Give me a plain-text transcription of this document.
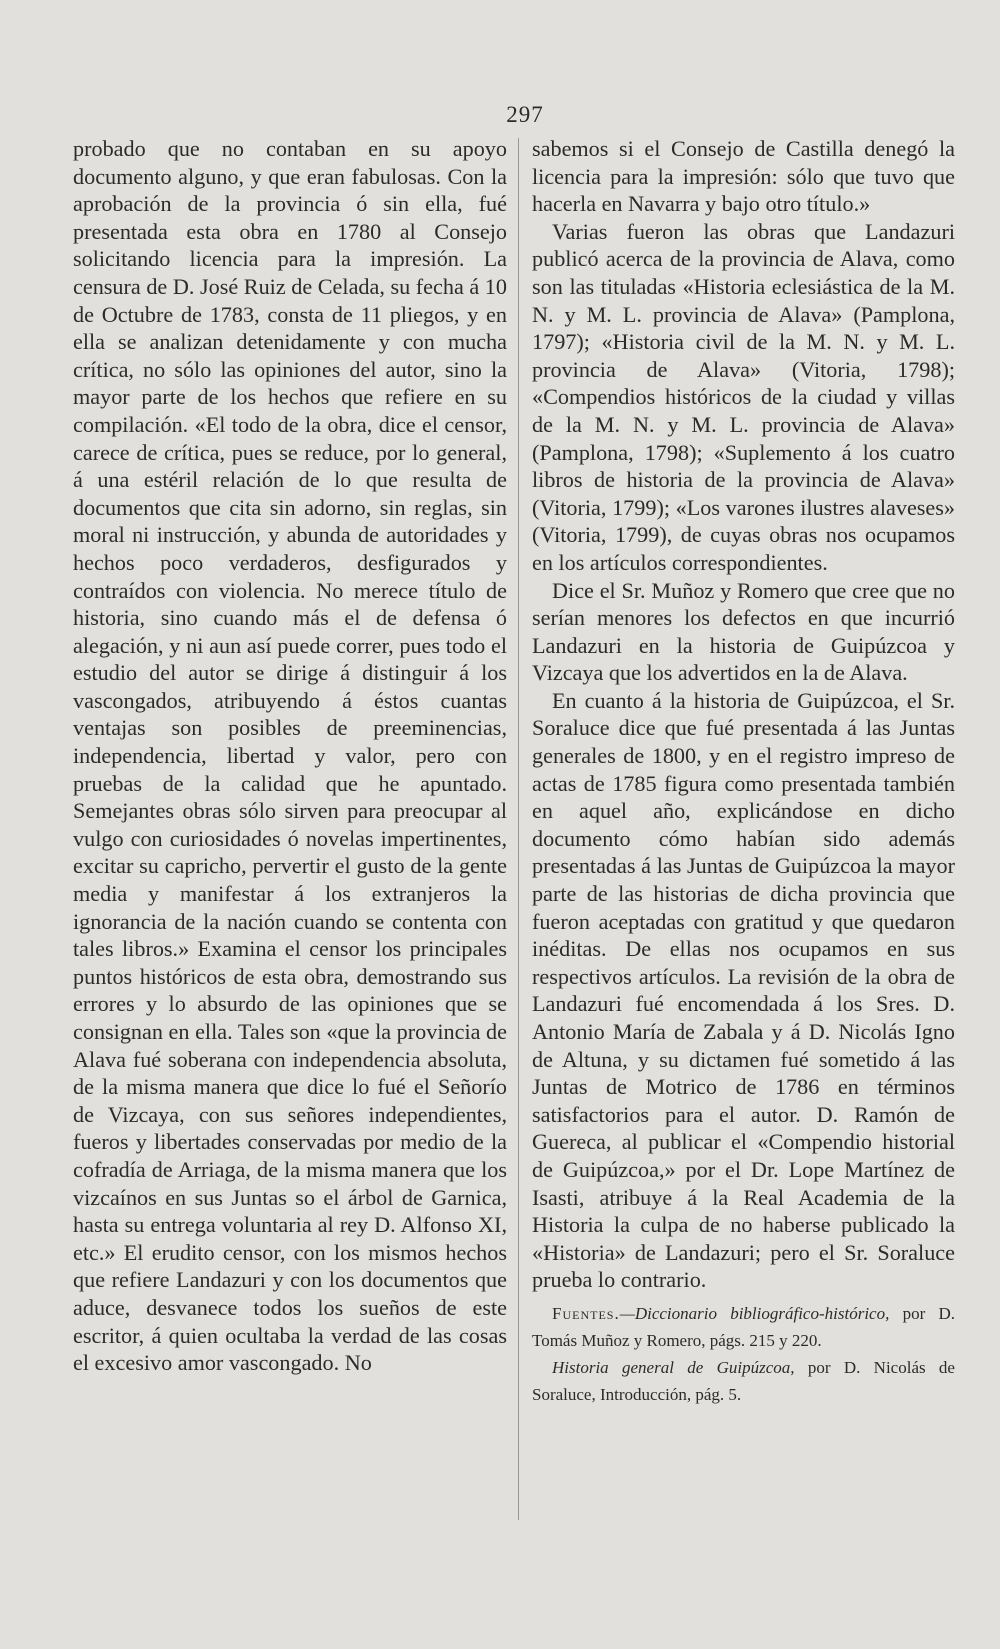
297

probado que no contaban en su apoyo documento alguno, y que eran fabulosas. Con la aprobación de la provincia ó sin ella, fué presentada esta obra en 1780 al Consejo solicitando licencia para la impresión. La censura de D. José Ruiz de Celada, su fecha á 10 de Octubre de 1783, consta de 11 pliegos, y en ella se analizan detenidamente y con mucha crítica, no sólo las opiniones del autor, sino la mayor parte de los hechos que refiere en su compilación. «El todo de la obra, dice el censor, carece de crítica, pues se reduce, por lo general, á una estéril relación de lo que resulta de documentos que cita sin adorno, sin reglas, sin moral ni instrucción, y abunda de autoridades y hechos poco verdaderos, desfigurados y contraídos con violencia. No merece título de historia, sino cuando más el de defensa ó alegación, y ni aun así puede correr, pues todo el estudio del autor se dirige á distinguir á los vascongados, atribuyendo á éstos cuantas ventajas son posibles de preeminencias, independencia, libertad y valor, pero con pruebas de la calidad que he apuntado. Semejantes obras sólo sirven para preocupar al vulgo con curiosidades ó novelas impertinentes, excitar su capricho, pervertir el gusto de la gente media y manifestar á los extranjeros la ignorancia de la nación cuando se contenta con tales libros.» Examina el censor los principales puntos históricos de esta obra, demostrando sus errores y lo absurdo de las opiniones que se consignan en ella. Tales son «que la provincia de Alava fué soberana con independencia absoluta, de la misma manera que dice lo fué el Señorío de Vizcaya, con sus señores independientes, fueros y libertades conservadas por medio de la cofradía de Arriaga, de la misma manera que los vizcaínos en sus Juntas so el árbol de Garnica, hasta su entrega voluntaria al rey D. Alfonso XI, etc.» El erudito censor, con los mismos hechos que refiere Landazuri y con los documentos que aduce, desvanece todos los sueños de este escritor, á quien ocultaba la verdad de las cosas el excesivo amor vascongado. No

sabemos si el Consejo de Castilla denegó la licencia para la impresión: sólo que tuvo que hacerla en Navarra y bajo otro título.»

Varias fueron las obras que Landazuri publicó acerca de la provincia de Alava, como son las tituladas «Historia eclesiástica de la M. N. y M. L. provincia de Alava» (Pamplona, 1797); «Historia civil de la M. N. y M. L. provincia de Alava» (Vitoria, 1798); «Compendios históricos de la ciudad y villas de la M. N. y M. L. provincia de Alava» (Pamplona, 1798); «Suplemento á los cuatro libros de historia de la provincia de Alava» (Vitoria, 1799); «Los varones ilustres alaveses» (Vitoria, 1799), de cuyas obras nos ocupamos en los artículos correspondientes.

Dice el Sr. Muñoz y Romero que cree que no serían menores los defectos en que incurrió Landazuri en la historia de Guipúzcoa y Vizcaya que los advertidos en la de Alava.

En cuanto á la historia de Guipúzcoa, el Sr. Soraluce dice que fué presentada á las Juntas generales de 1800, y en el registro impreso de actas de 1785 figura como presentada también en aquel año, explicándose en dicho documento cómo habían sido además presentadas á las Juntas de Guipúzcoa la mayor parte de las historias de dicha provincia que fueron aceptadas con gratitud y que quedaron inéditas. De ellas nos ocupamos en sus respectivos artículos. La revisión de la obra de Landazuri fué encomendada á los Sres. D. Antonio María de Zabala y á D. Nicolás Igno de Altuna, y su dictamen fué sometido á las Juntas de Motrico de 1786 en términos satisfactorios para el autor. D. Ramón de Guereca, al publicar el «Compendio historial de Guipúzcoa,» por el Dr. Lope Martínez de Isasti, atribuye á la Real Academia de la Historia la culpa de no haberse publicado la «Historia» de Landazuri; pero el Sr. Soraluce prueba lo contrario.

Fuentes.—Diccionario bibliográfico-histórico, por D. Tomás Muñoz y Romero, págs. 215 y 220.

Historia general de Guipúzcoa, por D. Nicolás de Soraluce, Introducción, pág. 5.
